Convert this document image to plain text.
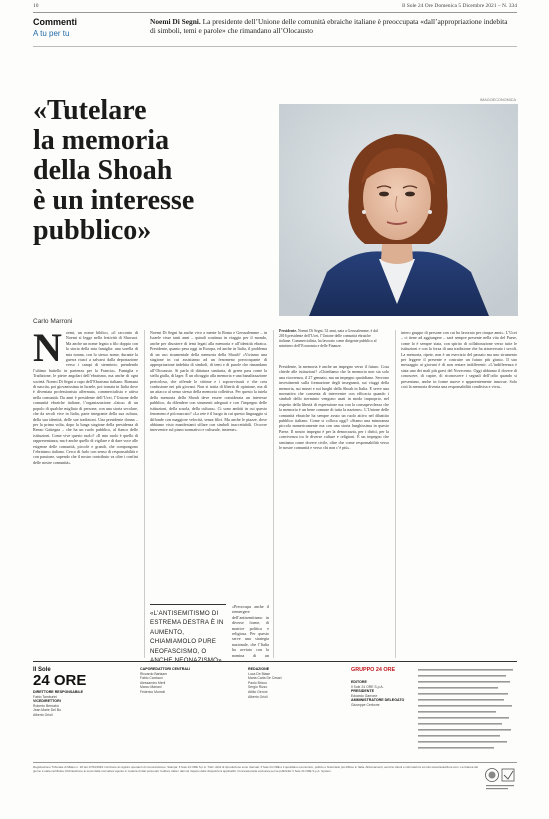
10	Il Sole 24 Ore Domenica 5 Dicembre 2021 – N. 334
Commenti
A tu per tu
Noemi Di Segni. La presidente dell’Unione delle comunità ebraiche italiane è preoccupata «dall’appropriazione indebita di simboli, temi e parole» che rimandano all’Olocausto
«Tutelare
la memoria
della Shoah
è un interesse
pubblico»
Carlo Marroni
IMAGOECONOMICA
Presidente. Noemi Di Segni, 52 anni, nata a Gerusalemme, è dal 2016 presidente dell’Ucei, l’Unione delle comunità ebraiche italiane. Commercialista, ha lavorato come dirigente pubblico al ministero dell’Economia e delle Finanze.
Noemi, un nome biblico, «il racconto di Noemi si legge nella festività di Shavuot. Ma anche un nome legato a filo doppio con la storia della mia famiglia: una sorella di mia nonna, con lo stesso nome, durante la guerra riuscì a salvarsi dalla deportazione verso i campi di sterminio, prendendo l’ultimo battello in partenza per la Francia». Famiglia e Tradizione, le pietre angolari dell’ebraismo, ma anche di ogni società. Noemi Di Segni a capo dell’Ebraismo italiano. Romana di nascita, poi giovanissima in Israele, poi tornata in Italia dove è diventata professionista affermata, commercialista e attiva nella comunità. Da anni è presidente dell’Ucei, l’Unione delle comunità ebraiche italiane, l’organizzazione «laica» di un popolo di qualche migliaio di persone, con una storia secolare, che da secoli vive in Italia, parte integrante della sua cultura, della sua identità, delle sue tradizioni. Una presidente donna – per la prima volta, dopo la lunga stagione della presidenza di Renzo Gattegna – che ha un ruolo pubblico, al fianco delle istituzioni. Come vive questo ruolo? «Il mio ruolo è quello di rappresentanza, ma è anche quello di vigilare e di dare voce alle esigenze delle comunità, piccole e grandi, che compongono l’ebraismo italiano. Cerco di farlo con senso di responsabilità e con passione, sapendo che il nostro contributo va oltre i confini delle nostre comunità».
Noemi Di Segni ha anche vivo a mente la Roma e Gerusalemme – in Israele visse tanti anni – quindi continua in viaggio per il mondo, anche per discutere di temi legati alla memoria e all’identità ebraica. Presidente, quanto pesa oggi in Europa, ed anche in Italia, il problema di un uso strumentale della memoria della Shoah? «Viviamo una stagione in cui assistiamo ad un fenomeno preoccupante di appropriazione indebita di simboli, di temi e di parole che rimandano all’Olocausto. Si parla di dittatura sanitaria, di green pass come la stella gialla, di lager. È un oltraggio alla memoria e una banalizzazione pericolosa, che offende le vittime e i sopravvissuti e che crea confusione nei più giovani. Non si tratta di libertà di opinione, ma di un attacco al senso stesso della memoria collettiva. Per questo la tutela della memoria della Shoah deve essere considerata un interesse pubblico, da difendere con strumenti adeguati e con l’impegno delle istituzioni, della scuola, della cultura». Ci sono ambiti in cui questo fenomeno è più marcato? «La rete è il luogo in cui questo linguaggio si diffonde con maggiore velocità, senza filtri. Ma anche le piazze, dove abbiamo visto manifestanti sfilare con simboli inaccettabili. Occorre intervenire sul piano normativo e culturale, insieme».
«L’ANTISEMITISMO DI ESTREMA DESTRA È IN AUMENTO, CHIAMIAMOLO PURE NEOFASCISMO, O ANCHE NEONAZISMO»
«Preoccupa anche il riemergere dell’antisemitismo in diverse forme, di matrice politica e religiosa. Per questo serve una strategia nazionale, che l’Italia ha avviato con la nomina di un
Presidente, la memoria è anche un impegno verso il futuro. Cosa chiede alle istituzioni? «Chiediamo che la memoria non sia solo una ricorrenza, il 27 gennaio, ma un impegno quotidiano. Servono investimenti sulla formazione degli insegnanti, sui viaggi della memoria, sui musei e sui luoghi della Shoah in Italia. E serve una normativa che consenta di intervenire con efficacia quando i simboli dello sterminio vengono usati in modo improprio, nel rispetto della libertà di espressione ma con la consapevolezza che la memoria è un bene comune di tutta la nazione». L’Unione delle comunità ebraiche ha sempre avuto un ruolo attivo nel dibattito pubblico italiano. Come si colloca oggi? «Siamo una minoranza piccola numericamente ma con una storia lunghissima in questo Paese. Il nostro impegno è per la democrazia, per i diritti, per la convivenza tra le diverse culture e religioni. È un impegno che sentiamo come dovere civile, oltre che come responsabilità verso le nostre comunità e verso chi non c’è più».
intero gruppo di persone con cui ho lavorato per cinque anni». L’Ucei – ci tiene ad aggiungere – sarà sempre presente nella vita del Paese, come lo è sempre stata, con spirito di collaborazione verso tutte le istituzioni e con la forza di una tradizione che ha attraversato i secoli. La memoria, ripete, non è un esercizio del passato ma uno strumento per leggere il presente e costruire un futuro più giusto. Il suo messaggio ai giovani è di non restare indifferenti: «L’indifferenza è stata uno dei mali più gravi del Novecento. Oggi abbiamo il dovere di conoscere, di capire, di riconoscere i segnali dell’odio quando si presentano, anche in forme nuove e apparentemente innocue. Solo così la memoria diventa una responsabilità condivisa e viva».
Il Sole
24 ORE
DIRETTORE RESPONSABILE
Fabio Tamburini
VICEDIRETTORI
Roberto Bernabò
Jean Marie Del Bo
Alberto Orioli
CAPOREDATTORI CENTRALI
Riccardo Barlaam
Fabio Carducci
Alessandro Merli
Marco Mariani
Federico Momoli
REDAZIONE
Luca De Biase
Maria Carla De Cesari
Paolo Bricco
Sergio Rizzo
Attilio Geroni
Alberto Orioli
GRUPPO 24 ORE
EDITORE
Il Sole 24 ORE S.p.A.
PRESIDENTE
Edoardo Garrone
AMMINISTRATORE DELEGATO
Giuseppe Cerbone
Registrazione Tribunale di Milano n. 26 del 17/03/1949. Iscrizione al registro operatori di comunicazione. Stampa: Il Sole 24 ORE S.p.A. Tutti i diritti di riproduzione sono riservati. Il Sole 24 ORE è il quotidiano economico, politico e finanziario più diffuso in Italia. Abbonamenti, servizio clienti e informazioni sul sito www.ilsole24ore.com. La tiratura del giorno è stata certificata. Dichiarazione ai sensi della normativa vigente in materia di dati personali: l’editore tratta i dati nel rispetto delle disposizioni applicabili. Concessionaria esclusiva per la pubblicità: Il Sole 24 ORE S.p.A. System.
